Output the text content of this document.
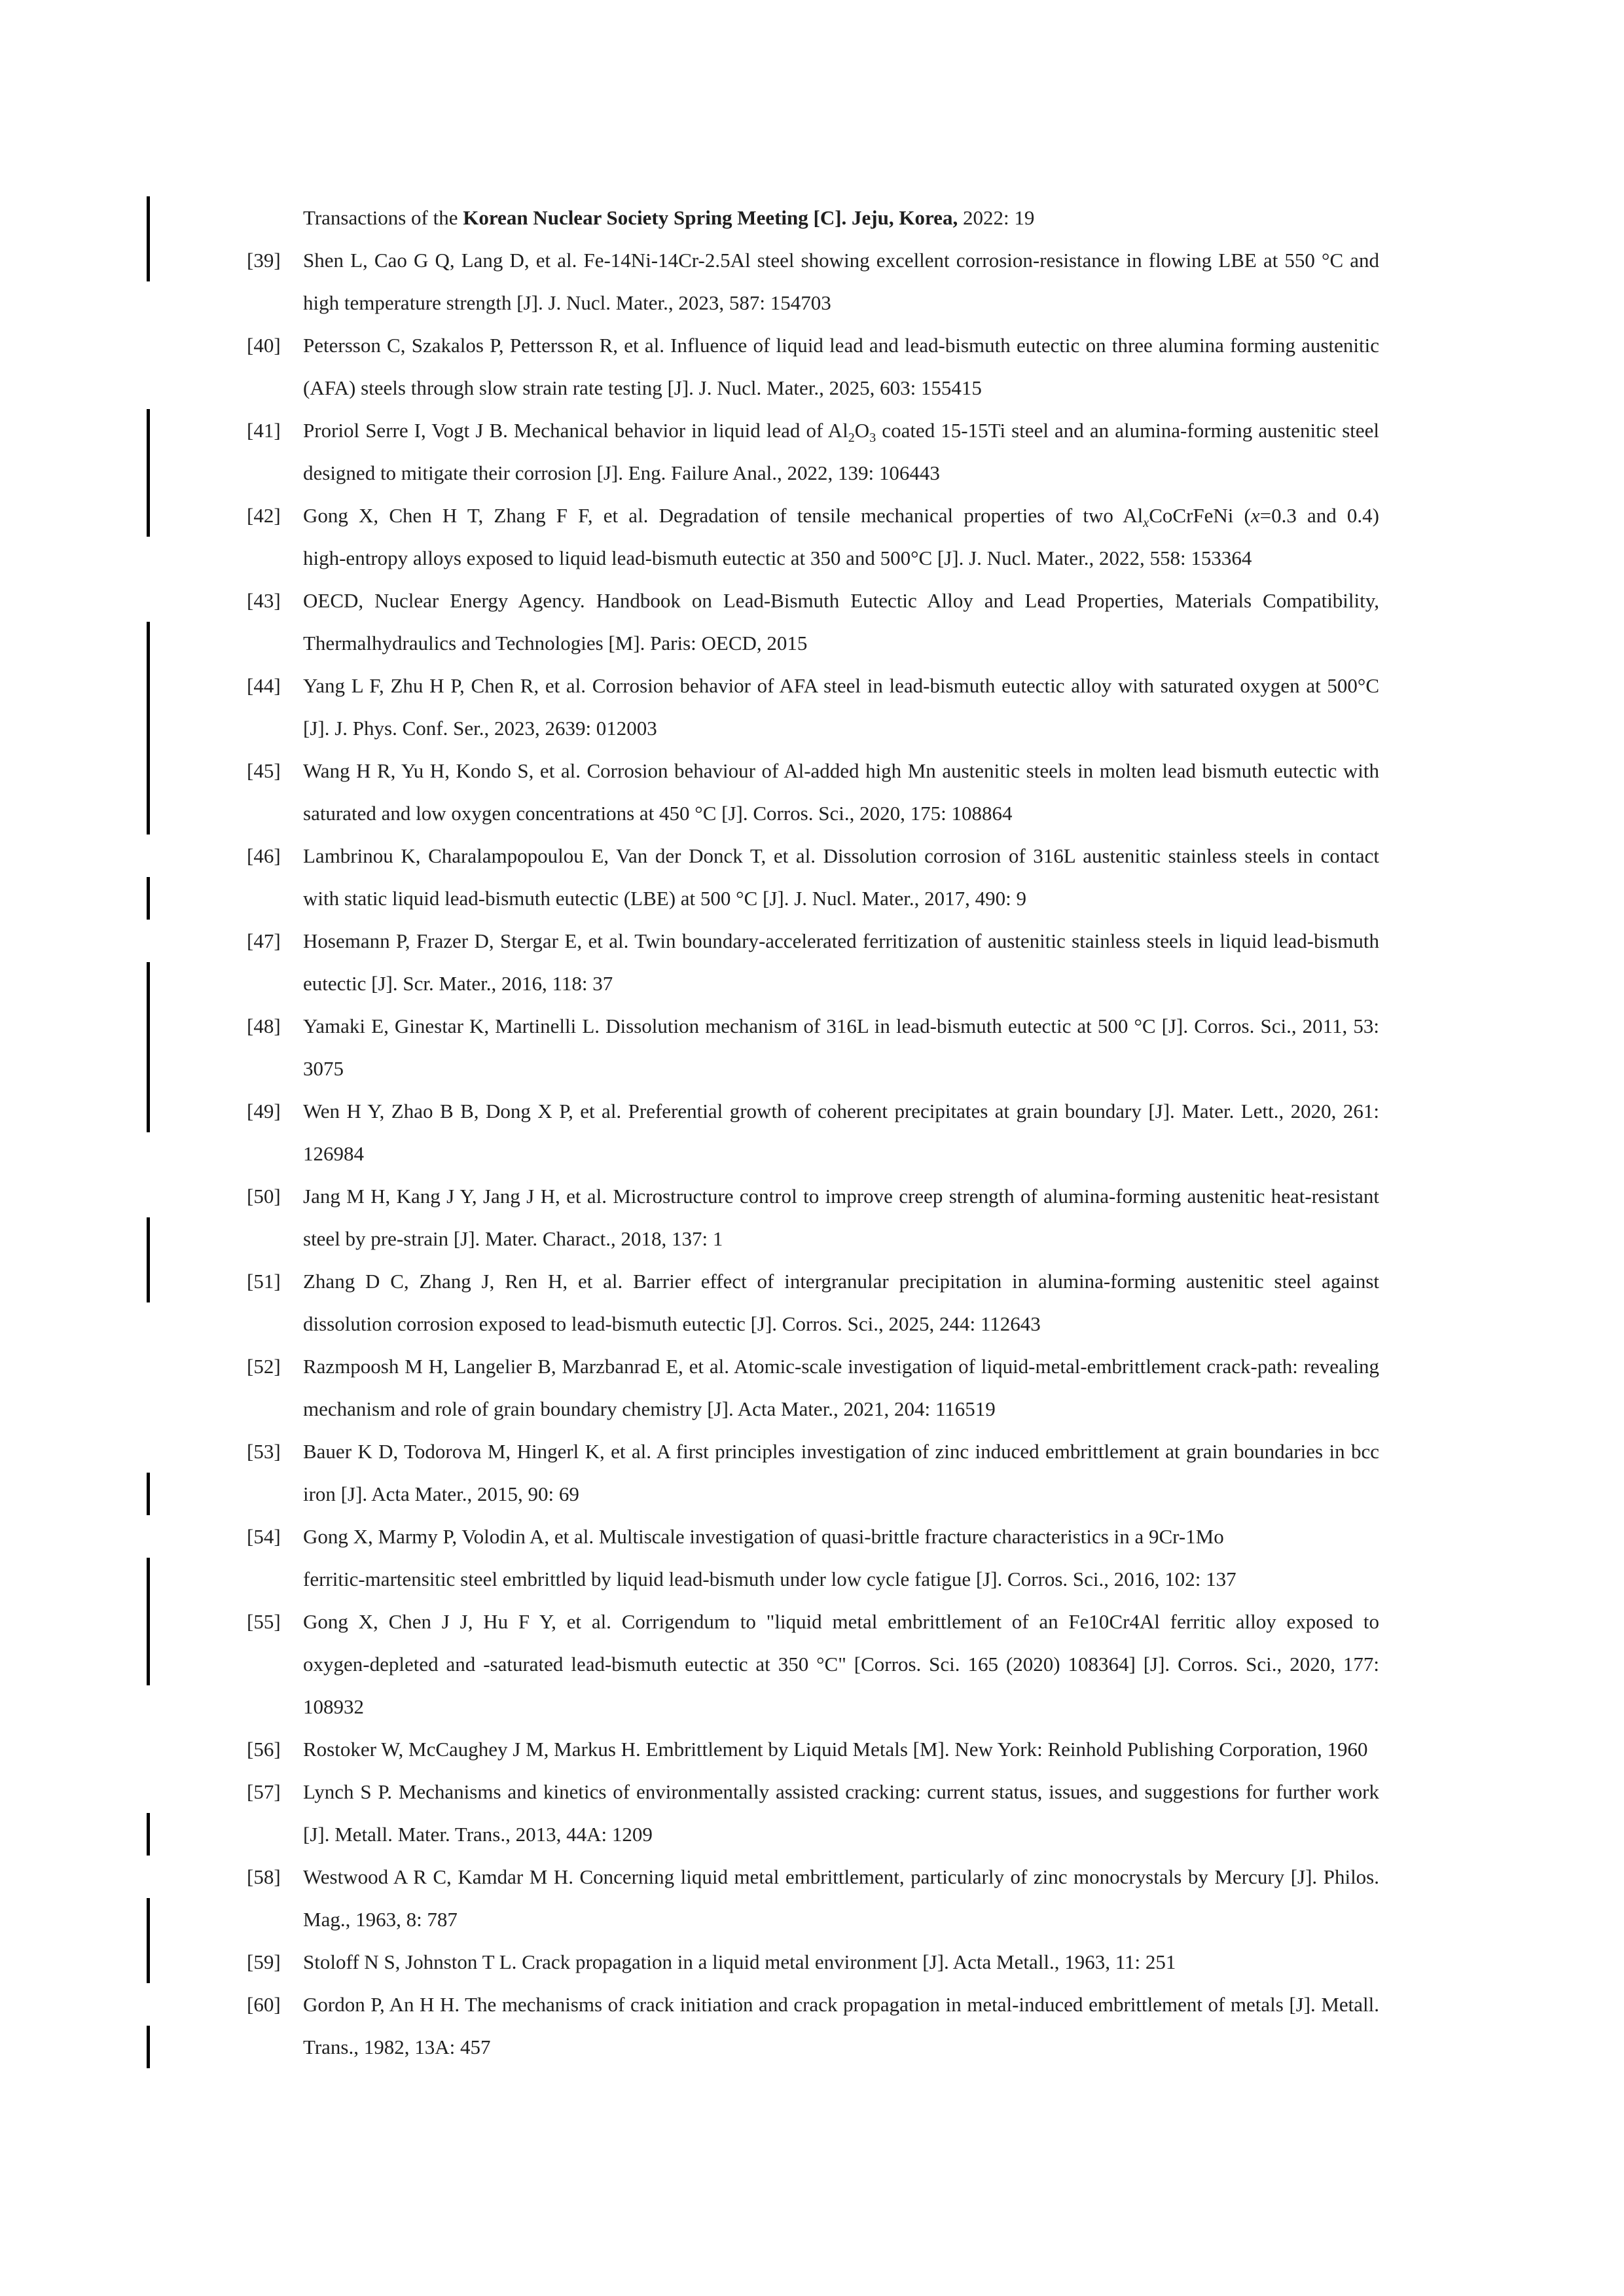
Transactions of the Korean Nuclear Society Spring Meeting [C]. Jeju, Korea, 2022: 19
[39] Shen L, Cao G Q, Lang D, et al. Fe-14Ni-14Cr-2.5Al steel showing excellent corrosion-resistance in flowing LBE at 550 °C and
high temperature strength [J]. J. Nucl. Mater., 2023, 587: 154703
[40] Petersson C, Szakalos P, Pettersson R, et al. Influence of liquid lead and lead-bismuth eutectic on three alumina forming austenitic
(AFA) steels through slow strain rate testing [J]. J. Nucl. Mater., 2025, 603: 155415
[41] Proriol Serre I, Vogt J B. Mechanical behavior in liquid lead of $Al_2O_3$ coated 15-15Ti steel and an alumina-forming austenitic steel
designed to mitigate their corrosion [J]. Eng. Failure Anal., 2022, 139: 106443
[42] Gong X, Chen H T, Zhang F F, et al. Degradation of tensile mechanical properties of two $Al_xCoCrFeNi$ (x=0.3 and 0.4)
high-entropy alloys exposed to liquid lead-bismuth eutectic at 350 and 500°C [J]. J. Nucl. Mater., 2022, 558: 153364
[43] OECD, Nuclear Energy Agency. Handbook on Lead-Bismuth Eutectic Alloy and Lead Properties, Materials Compatibility,
Thermalhydraulics and Technologies [M]. Paris: OECD, 2015
[44] Yang L F, Zhu H P, Chen R, et al. Corrosion behavior of AFA steel in lead-bismuth eutectic alloy with saturated oxygen at 500°C
[J]. J. Phys. Conf. Ser., 2023, 2639: 012003
[45] Wang H R, Yu H, Kondo S, et al. Corrosion behaviour of Al-added high Mn austenitic steels in molten lead bismuth eutectic with
saturated and low oxygen concentrations at 450 °C [J]. Corros. Sci., 2020, 175: 108864
[46] Lambrinou K, Charalampopoulou E, Van der Donck T, et al. Dissolution corrosion of 316L austenitic stainless steels in contact
with static liquid lead-bismuth eutectic (LBE) at 500 °C [J]. J. Nucl. Mater., 2017, 490: 9
[47] Hosemann P, Frazer D, Stergar E, et al. Twin boundary-accelerated ferritization of austenitic stainless steels in liquid lead-bismuth
eutectic [J]. Scr. Mater., 2016, 118: 37
[48] Yamaki E, Ginestar K, Martinelli L. Dissolution mechanism of 316L in lead-bismuth eutectic at 500 °C [J]. Corros. Sci., 2011, 53:
3075
[49] Wen H Y, Zhao B B, Dong X P, et al. Preferential growth of coherent precipitates at grain boundary [J]. Mater. Lett., 2020, 261:
126984
[50] Jang M H, Kang J Y, Jang J H, et al. Microstructure control to improve creep strength of alumina-forming austenitic heat-resistant
steel by pre-strain [J]. Mater. Charact., 2018, 137: 1
[51] Zhang D C, Zhang J, Ren H, et al. Barrier effect of intergranular precipitation in alumina-forming austenitic steel against
dissolution corrosion exposed to lead-bismuth eutectic [J]. Corros. Sci., 2025, 244: 112643
[52] Razmpoosh M H, Langelier B, Marzbanrad E, et al. Atomic-scale investigation of liquid-metal-embrittlement crack-path: revealing
mechanism and role of grain boundary chemistry [J]. Acta Mater., 2021, 204: 116519
[53] Bauer K D, Todorova M, Hingerl K, et al. A first principles investigation of zinc induced embrittlement at grain boundaries in bcc
iron [J]. Acta Mater., 2015, 90: 69
[54] Gong X, Marmy P, Volodin A, et al. Multiscale investigation of quasi-brittle fracture characteristics in a 9Cr-1Mo
ferritic-martensitic steel embrittled by liquid lead-bismuth under low cycle fatigue [J]. Corros. Sci., 2016, 102: 137
[55] Gong X, Chen J J, Hu F Y, et al. Corrigendum to "liquid metal embrittlement of an Fe10Cr4Al ferritic alloy exposed to
oxygen-depleted and -saturated lead-bismuth eutectic at 350 °C" [Corros. Sci. 165 (2020) 108364] [J]. Corros. Sci., 2020, 177:
108932
[56] Rostoker W, McCaughey J M, Markus H. Embrittlement by Liquid Metals [M]. New York: Reinhold Publishing Corporation, 1960
[57] Lynch S P. Mechanisms and kinetics of environmentally assisted cracking: current status, issues, and suggestions for further work
[J]. Metall. Mater. Trans., 2013, 44A: 1209
[58] Westwood A R C, Kamdar M H. Concerning liquid metal embrittlement, particularly of zinc monocrystals by Mercury [J]. Philos.
Mag., 1963, 8: 787
[59] Stoloff N S, Johnston T L. Crack propagation in a liquid metal environment [J]. Acta Metall., 1963, 11: 251
[60] Gordon P, An H H. The mechanisms of crack initiation and crack propagation in metal-induced embrittlement of metals [J]. Metall.
Trans., 1982, 13A: 457
